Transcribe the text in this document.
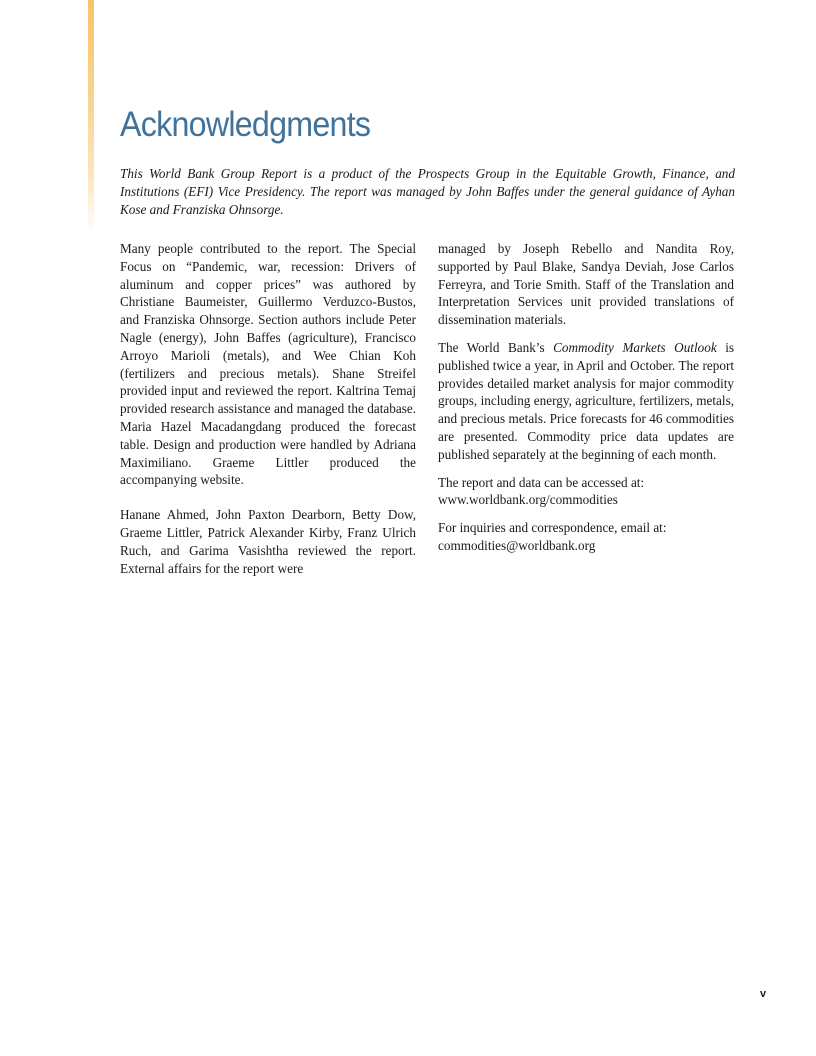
Acknowledgments

This World Bank Group Report is a product of the Prospects Group in the Equitable Growth, Finance, and Institutions (EFI) Vice Presidency. The report was managed by John Baffes under the general guidance of Ayhan Kose and Franziska Ohnsorge.

Many people contributed to the report. The Special Focus on “Pandemic, war, recession: Drivers of aluminum and copper prices” was authored by Christiane Baumeister, Guillermo Verduzco-Bustos, and Franziska Ohnsorge. Section authors include Peter Nagle (energy), John Baffes (agriculture), Francisco Arroyo Marioli (metals), and Wee Chian Koh (fertilizers and precious metals). Shane Streifel provided input and reviewed the report. Kaltrina Temaj provided research assistance and managed the database. Maria Hazel Macadangdang produced the forecast table. Design and production were handled by Adriana Maximiliano. Graeme Littler produced the accompanying website.

Hanane Ahmed, John Paxton Dearborn, Betty Dow, Graeme Littler, Patrick Alexander Kirby, Franz Ulrich Ruch, and Garima Vasishtha reviewed the report. External affairs for the report were

managed by Joseph Rebello and Nandita Roy, supported by Paul Blake, Sandya Deviah, Jose Carlos Ferreyra, and Torie Smith. Staff of the Translation and Interpretation Services unit provided translations of dissemination materials.

The World Bank’s Commodity Markets Outlook is published twice a year, in April and October. The report provides detailed market analysis for major commodity groups, including energy, agriculture, fertilizers, metals, and precious metals. Price forecasts for 46 commodities are presented. Commodity price data updates are published separately at the beginning of each month.

The report and data can be accessed at:
www.worldbank.org/commodities

For inquiries and correspondence, email at:
commodities@worldbank.org

v
